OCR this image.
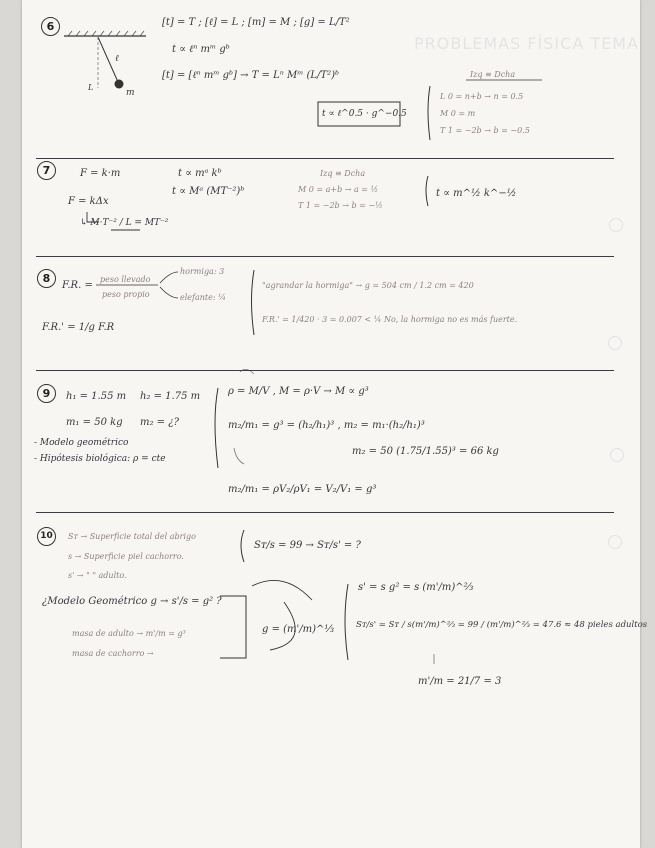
PROBLEMAS FÍSICA TEMA
6
ℓ
m
L
[t] = T ; [ℓ] = L ; [m] = M ; [g] = L/T²
t ∝ ℓⁿ mᵐ gᵇ
[t] = [ℓⁿ mᵐ gᵇ] → T = Lⁿ Mᵐ (L/T²)ᵇ	Izq ≡ Dcha
L 0 = n+b → n = 0.5
M 0 = m
T 1 = −2b → b = −0.5
t ∝ ℓ^0.5 · g^−0.5
7	F = k·m
F = kΔx
↳ M·T⁻² / L = MT⁻²
t ∝ mᵃ kᵇ
t ∝ Mᵃ (MT⁻²)ᵇ
Izq ≡ Dcha
M 0 = a+b → a = ½
T 1 = −2b → b = −½
t ∝ m^½ k^−½
8
F.R. =
peso llevado
peso propio
hormiga: 3
elefante: ¼
"agrandar la hormiga" → g = 504 cm / 1.2 cm = 420
F.R.' = 1/g F.R
F.R.' = 1/420 · 3 = 0.007 < ¼ No, la hormiga no es más fuerte.
9	h₁ = 1.55 m h₂ = 1.75 m
m₁ = 50 kg m₂ = ¿?
- Modelo geométrico
- Hipótesis biológica: ρ = cte
ρ = M/V , M = ρ·V → M ∝ g³
m₂/m₁ = g³ = (h₂/h₁)³ , m₂ = m₁·(h₂/h₁)³
m₂ = 50 (1.75/1.55)³ = 66 kg
m₂/m₁ = ρV₂/ρV₁ = V₂/V₁ = g³
10	Sᴛ → Superficie total del abrigo
s → Superficie piel cachorro.
s' → " " adulto.
¿Modelo Geométrico g → s'/s = g² ?
masa de adulto → m'/m = g³
masa de cachorro →
g = (m'/m)^⅓
Sᴛ/s = 99 → Sᴛ/s' = ?
s' = s g² = s (m'/m)^⅔
Sᴛ/s' = Sᴛ / s(m'/m)^⅔ = 99 / (m'/m)^⅔ = 47.6 ≈ 48 pieles adultos
m'/m = 21/7 = 3
